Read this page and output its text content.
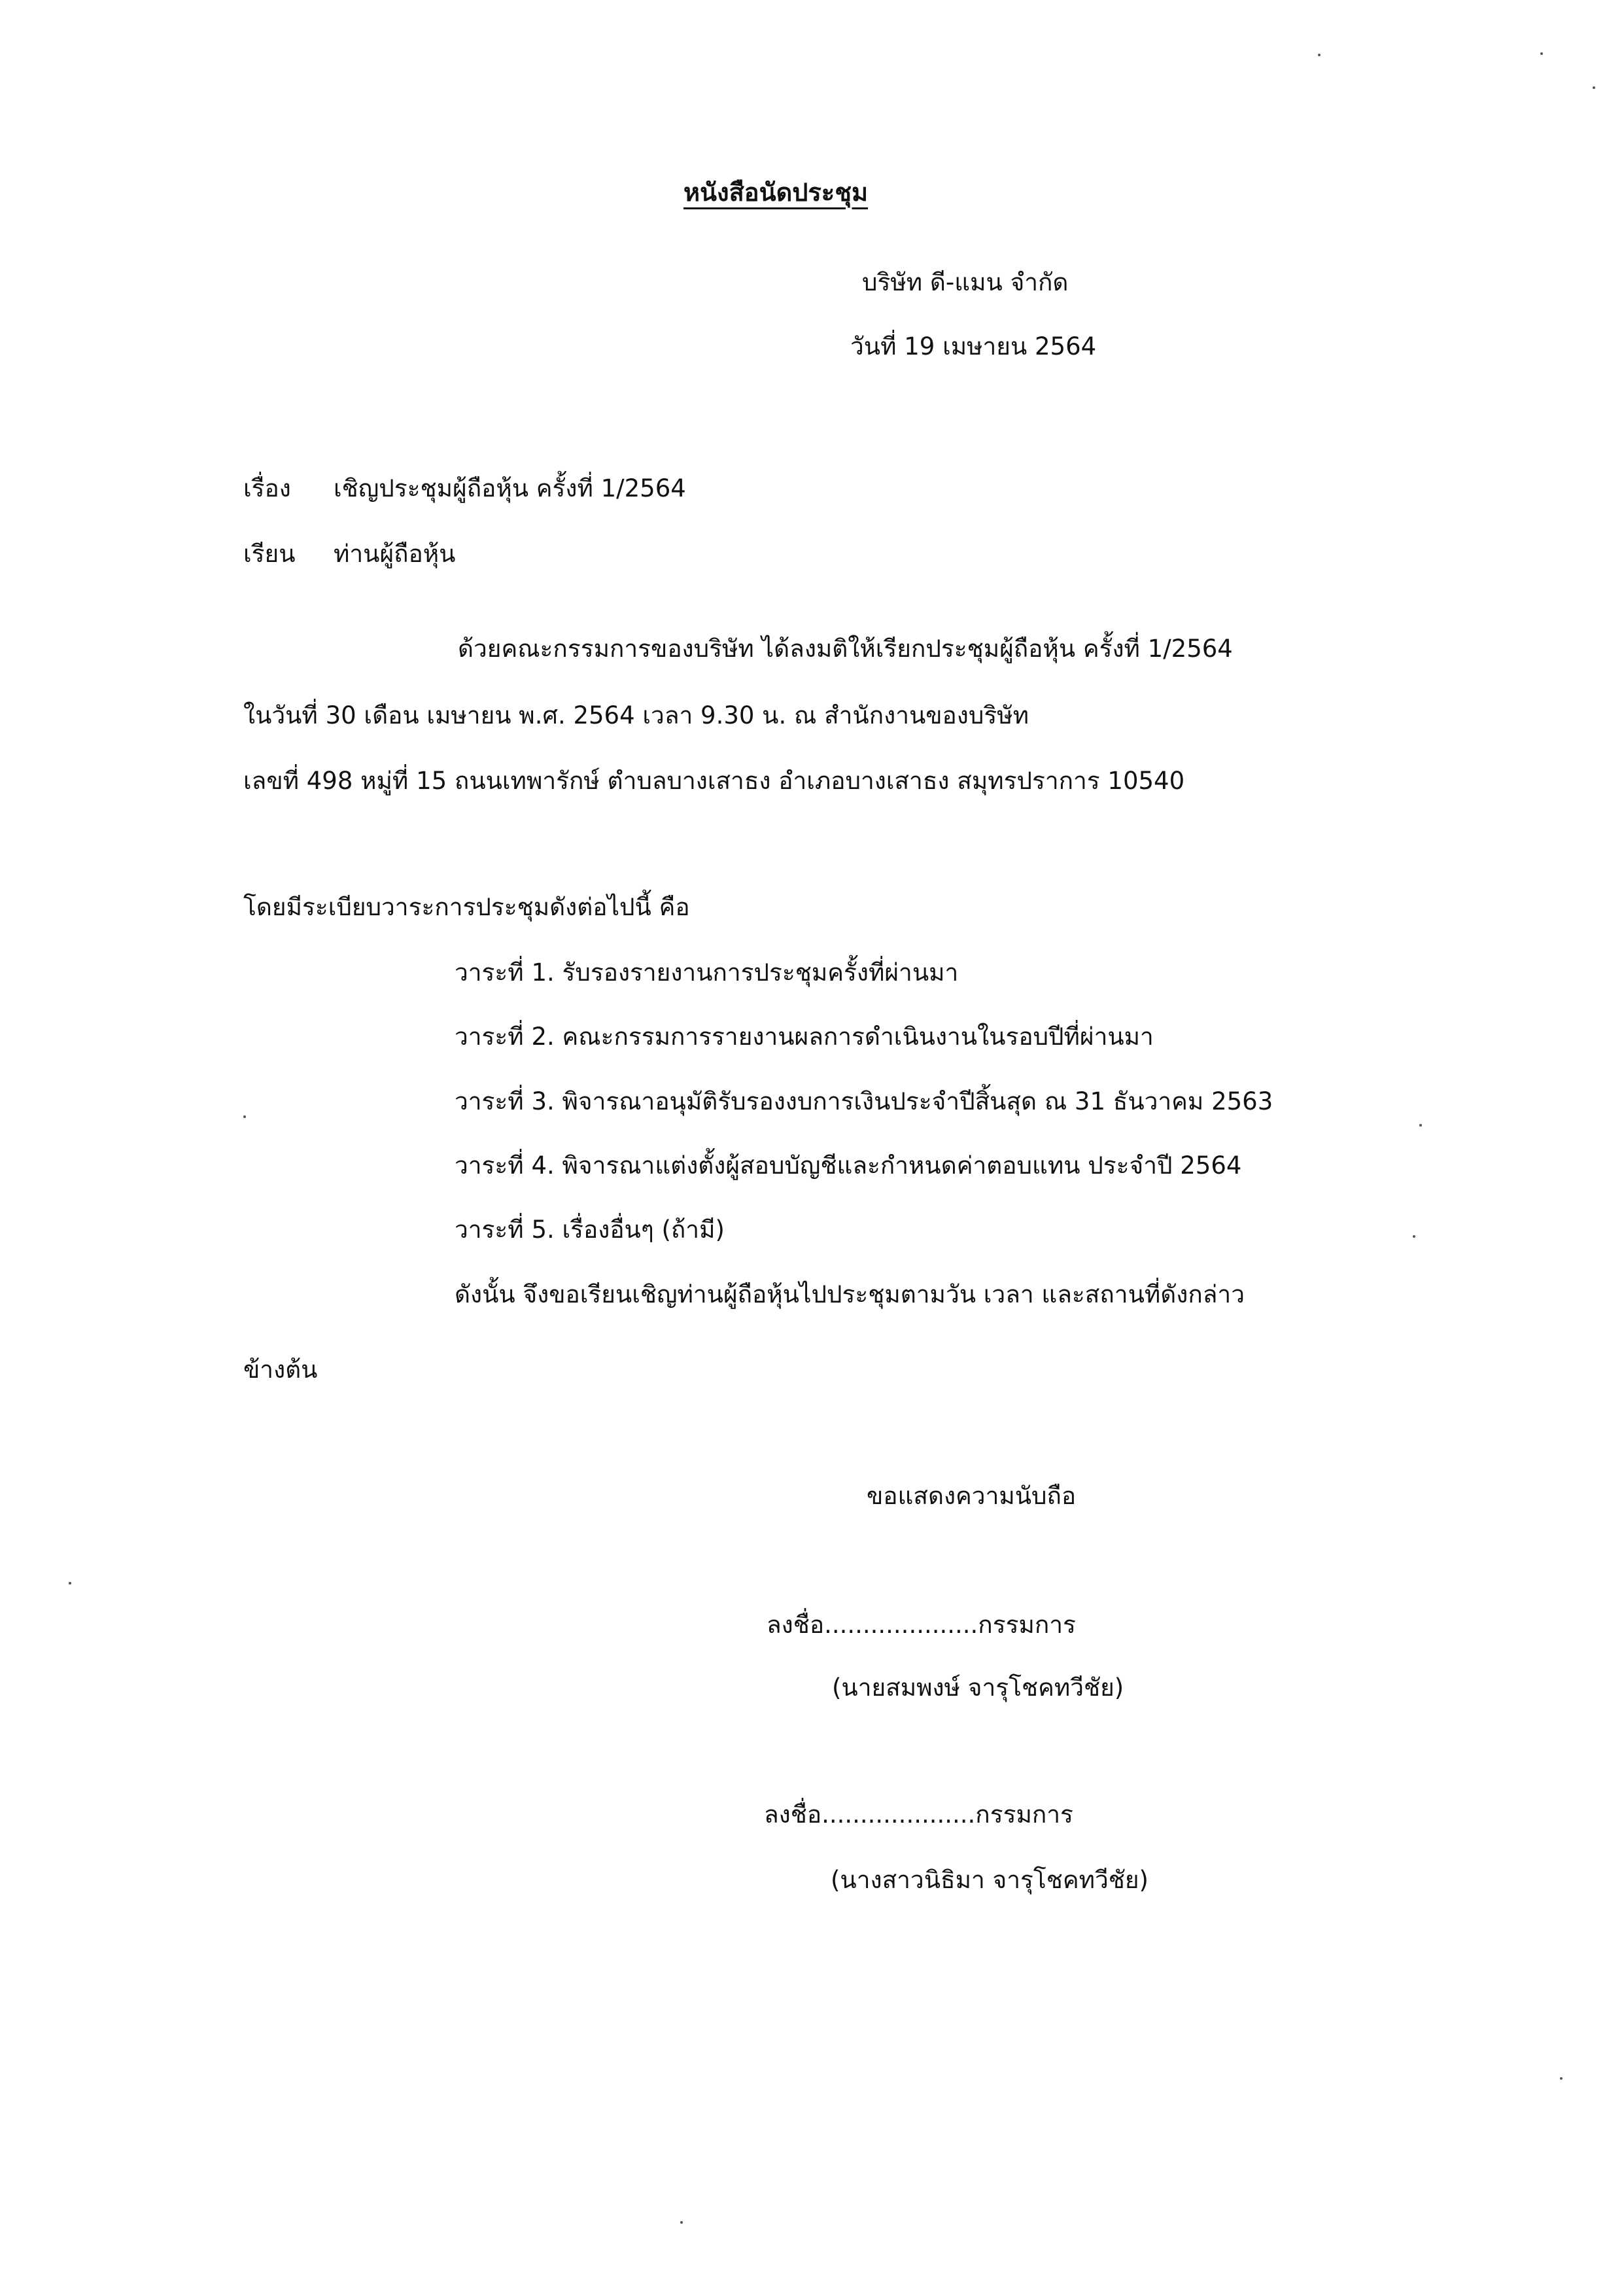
หนังสือนัดประชุม
บริษัท ดี-แมน จำกัด
วันที่ 19 เมษายน 2564
เรื่อง เชิญประชุมผู้ถือหุ้น ครั้งที่ 1/2564
เรียน ท่านผู้ถือหุ้น
ด้วยคณะกรรมการของบริษัท ได้ลงมติให้เรียกประชุมผู้ถือหุ้น ครั้งที่ 1/2564
ในวันที่ 30 เดือน เมษายน พ.ศ. 2564 เวลา 9.30 น. ณ สำนักงานของบริษัท
เลขที่ 498 หมู่ที่ 15 ถนนเทพารักษ์ ตำบลบางเสาธง อำเภอบางเสาธง สมุทรปราการ 10540
โดยมีระเบียบวาระการประชุมดังต่อไปนี้ คือ
วาระที่ 1. รับรองรายงานการประชุมครั้งที่ผ่านมา
วาระที่ 2. คณะกรรมการรายงานผลการดำเนินงานในรอบปีที่ผ่านมา
วาระที่ 3. พิจารณาอนุมัติรับรองงบการเงินประจำปีสิ้นสุด ณ 31 ธันวาคม 2563
วาระที่ 4. พิจารณาแต่งตั้งผู้สอบบัญชีและกำหนดค่าตอบแทน ประจำปี 2564
วาระที่ 5. เรื่องอื่นๆ (ถ้ามี)
ดังนั้น จึงขอเรียนเชิญท่านผู้ถือหุ้นไปประชุมตามวัน เวลา และสถานที่ดังกล่าว
ข้างต้น
ขอแสดงความนับถือ
ลงชื่อ....................กรรมการ
(นายสมพงษ์ จารุโชคทวีชัย)
ลงชื่อ....................กรรมการ
(นางสาวนิธิมา จารุโชคทวีชัย)
